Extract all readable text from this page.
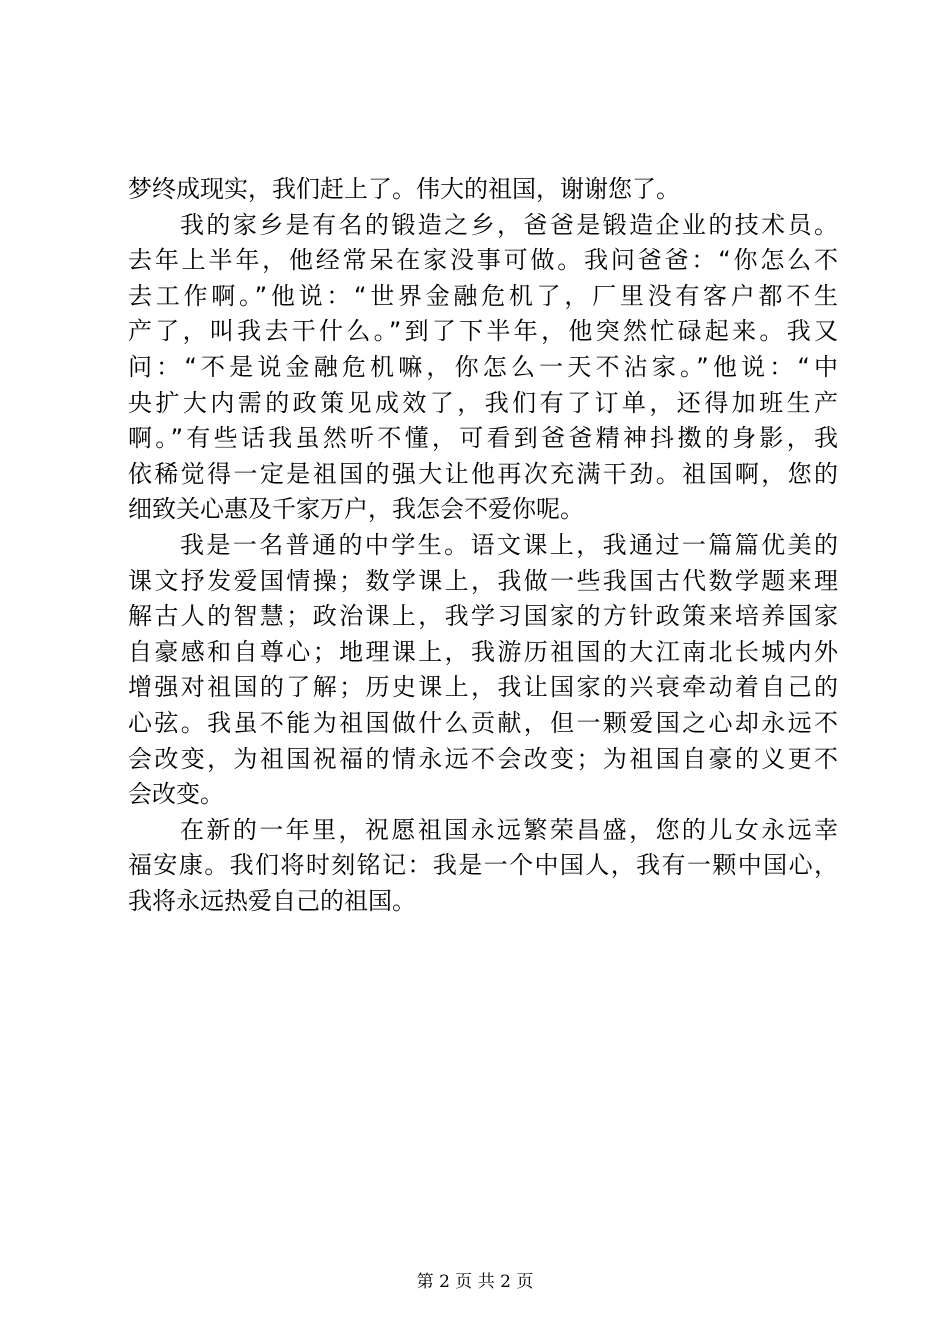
梦终成现实，我们赶上了。伟大的祖国，谢谢您了。
我的家乡是有名的锻造之乡，爸爸是锻造企业的技术员。
去年上半年，他经常呆在家没事可做。我问爸爸：“你怎么不
去工作啊。”他说：“世界金融危机了，厂里没有客户都不生
产了，叫我去干什么。”到了下半年，他突然忙碌起来。我又
问：“不是说金融危机嘛，你怎么一天不沾家。”他说：“中
央扩大内需的政策见成效了，我们有了订单，还得加班生产
啊。”有些话我虽然听不懂，可看到爸爸精神抖擞的身影，我
依稀觉得一定是祖国的强大让他再次充满干劲。祖国啊，您的
细致关心惠及千家万户，我怎会不爱你呢。
我是一名普通的中学生。语文课上，我通过一篇篇优美的
课文抒发爱国情操；数学课上，我做一些我国古代数学题来理
解古人的智慧；政治课上，我学习国家的方针政策来培养国家
自豪感和自尊心；地理课上，我游历祖国的大江南北长城内外
增强对祖国的了解；历史课上，我让国家的兴衰牵动着自己的
心弦。我虽不能为祖国做什么贡献，但一颗爱国之心却永远不
会改变，为祖国祝福的情永远不会改变；为祖国自豪的义更不
会改变。
在新的一年里，祝愿祖国永远繁荣昌盛，您的儿女永远幸
福安康。我们将时刻铭记：我是一个中国人，我有一颗中国心，
我将永远热爱自己的祖国。
第 2 页 共 2 页
